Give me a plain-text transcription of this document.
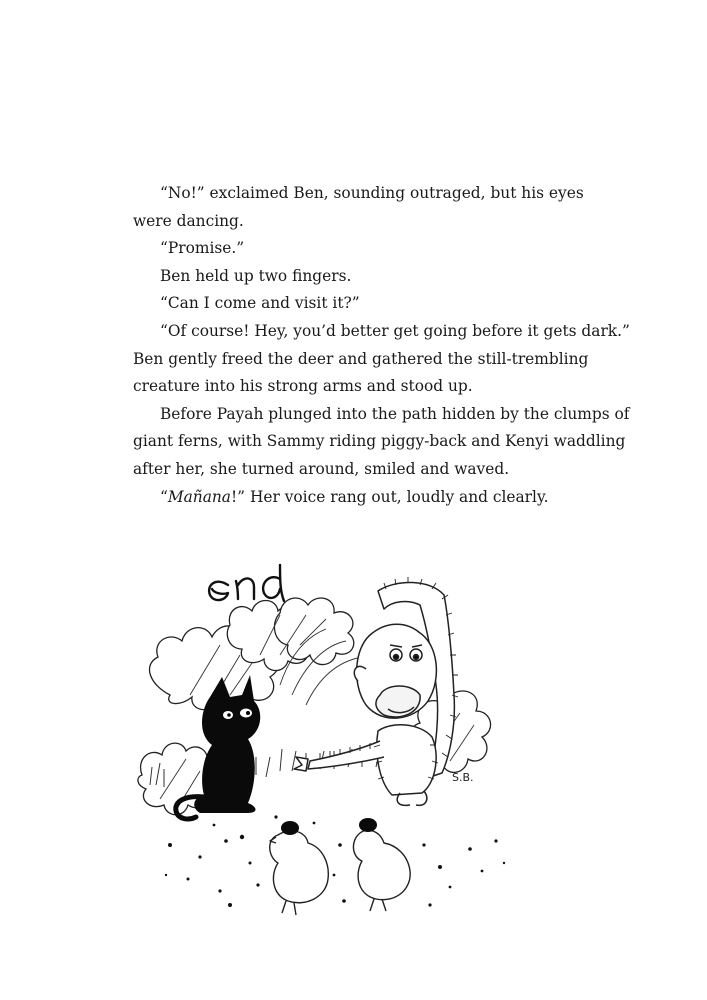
“No!” exclaimed Ben, sounding outraged, but his eyes

were dancing.

“Promise.”

Ben held up two fingers.

“Can I come and visit it?”

“Of course! Hey, you’d better get going before it gets dark.”

Ben gently freed the deer and gathered the still-trembling

creature into his strong arms and stood up.

Before Payah plunged into the path hidden by the clumps of

giant ferns, with Sammy riding piggy-back and Kenyi waddling

after her, she turned around, smiled and waved.

“Mañana!” Her voice rang out, loudly and clearly.

S.B.
